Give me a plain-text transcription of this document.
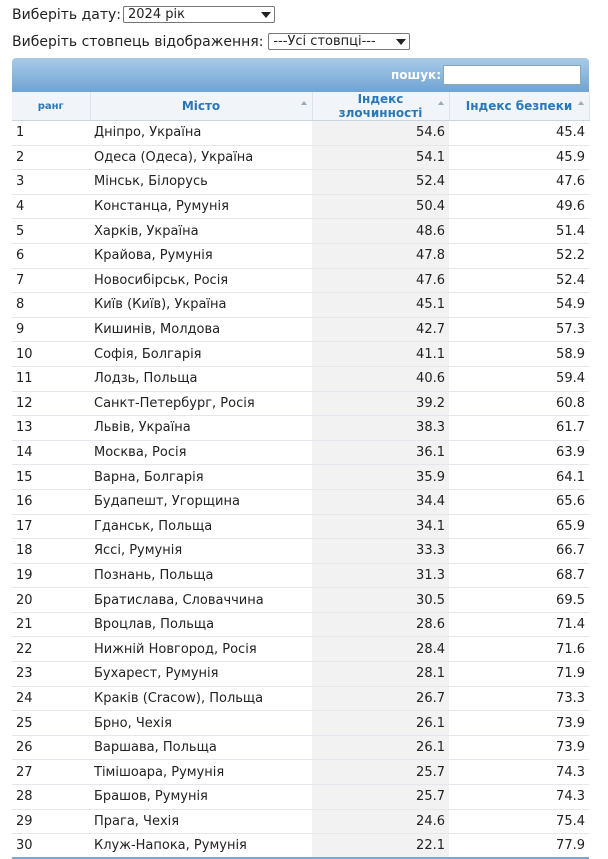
Виберіть дату: 2024 рік
Виберіть стовпець відображення: ---Усі стовпці---
пошук:
ранг	Місто	Індекс злочинності	Індекс безпеки

1	Дніпро, Україна	54.6	45.4
2	Одеса (Одеса), Україна	54.1	45.9
3	Мінськ, Білорусь	52.4	47.6
4	Констанца, Румунія	50.4	49.6
5	Харків, Україна	48.6	51.4
6	Крайова, Румунія	47.8	52.2
7	Новосибірськ, Росія	47.6	52.4
8	Київ (Київ), Україна	45.1	54.9
9	Кишинів, Молдова	42.7	57.3
10	Софія, Болгарія	41.1	58.9
11	Лодзь, Польща	40.6	59.4
12	Санкт-Петербург, Росія	39.2	60.8
13	Львів, Україна	38.3	61.7
14	Москва, Росія	36.1	63.9
15	Варна, Болгарія	35.9	64.1
16	Будапешт, Угорщина	34.4	65.6
17	Гданськ, Польща	34.1	65.9
18	Яссі, Румунія	33.3	66.7
19	Познань, Польща	31.3	68.7
20	Братислава, Словаччина	30.5	69.5
21	Вроцлав, Польща	28.6	71.4
22	Нижній Новгород, Росія	28.4	71.6
23	Бухарест, Румунія	28.1	71.9
24	Краків (Cracow), Польща	26.7	73.3
25	Брно, Чехія	26.1	73.9
26	Варшава, Польща	26.1	73.9
27	Тімішоара, Румунія	25.7	74.3
28	Брашов, Румунія	25.7	74.3
29	Прага, Чехія	24.6	75.4
30	Клуж-Напока, Румунія	22.1	77.9
